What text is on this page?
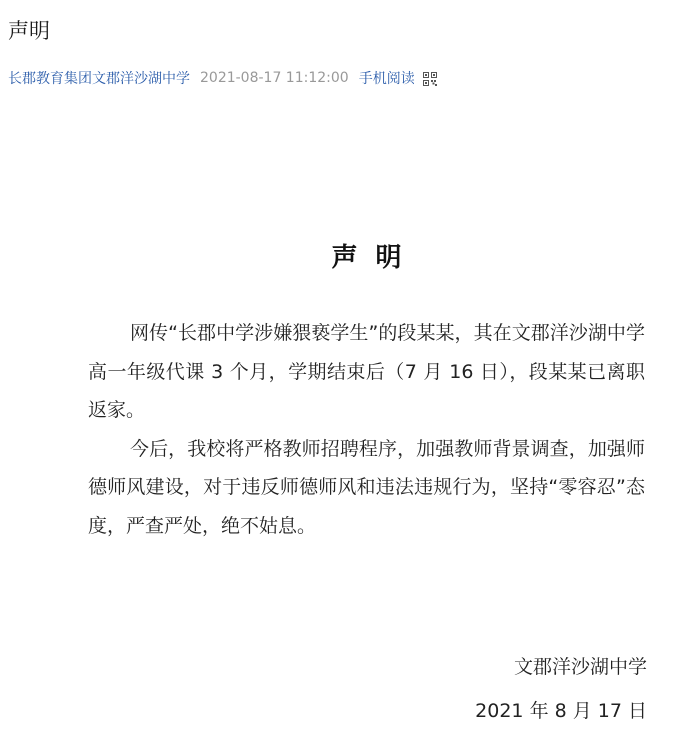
声明
长郡教育集团文郡洋沙湖中学 2021-08-17 11:12:00 手机阅读
声明

网传“长郡中学涉嫌猥亵学生”的段某某，其在文郡洋沙湖中学高一年级代课 3 个月，学期结束后（7 月 16 日），段某某已离职返家。

今后，我校将严格教师招聘程序，加强教师背景调查，加强师德师风建设，对于违反师德师风和违法违规行为，坚持“零容忍”态度，严查严处，绝不姑息。

文郡洋沙湖中学
2021 年 8 月 17 日
